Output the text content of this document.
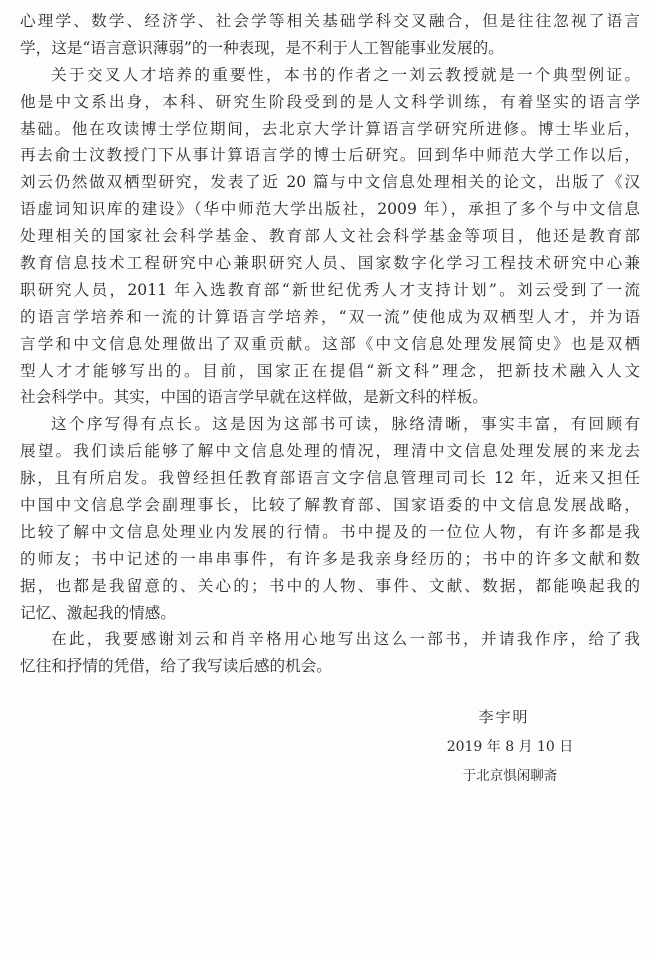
心理学、数学、经济学、社会学等相关基础学科交叉融合，但是往往忽视了语言
学，这是“语言意识薄弱”的一种表现，是不利于人工智能事业发展的。
关于交叉人才培养的重要性，本书的作者之一刘云教授就是一个典型例证。
他是中文系出身，本科、研究生阶段受到的是人文科学训练，有着坚实的语言学
基础。他在攻读博士学位期间，去北京大学计算语言学研究所进修。博士毕业后，
再去俞士汶教授门下从事计算语言学的博士后研究。回到华中师范大学工作以后，
刘云仍然做双栖型研究，发表了近 20 篇与中文信息处理相关的论文，出版了《汉
语虚词知识库的建设》（华中师范大学出版社，2009 年），承担了多个与中文信息
处理相关的国家社会科学基金、教育部人文社会科学基金等项目，他还是教育部
教育信息技术工程研究中心兼职研究人员、国家数字化学习工程技术研究中心兼
职研究人员，2011 年入选教育部“新世纪优秀人才支持计划”。刘云受到了一流
的语言学培养和一流的计算语言学培养，“双一流”使他成为双栖型人才，并为语
言学和中文信息处理做出了双重贡献。这部《中文信息处理发展简史》也是双栖
型人才才能够写出的。目前，国家正在提倡“新文科”理念，把新技术融入人文
社会科学中。其实，中国的语言学早就在这样做，是新文科的样板。
这个序写得有点长。这是因为这部书可读，脉络清晰，事实丰富，有回顾有
展望。我们读后能够了解中文信息处理的情况，理清中文信息处理发展的来龙去
脉，且有所启发。我曾经担任教育部语言文字信息管理司司长 12 年，近来又担任
中国中文信息学会副理事长，比较了解教育部、国家语委的中文信息发展战略，
比较了解中文信息处理业内发展的行情。书中提及的一位位人物，有许多都是我
的师友；书中记述的一串串事件，有许多是我亲身经历的；书中的许多文献和数
据，也都是我留意的、关心的；书中的人物、事件、文献、数据，都能唤起我的
记忆、激起我的情感。
在此，我要感谢刘云和肖辛格用心地写出这么一部书，并请我作序，给了我
忆往和抒情的凭借，给了我写读后感的机会。
李宇明
2019 年 8 月 10 日
于北京惧闲聊斋
